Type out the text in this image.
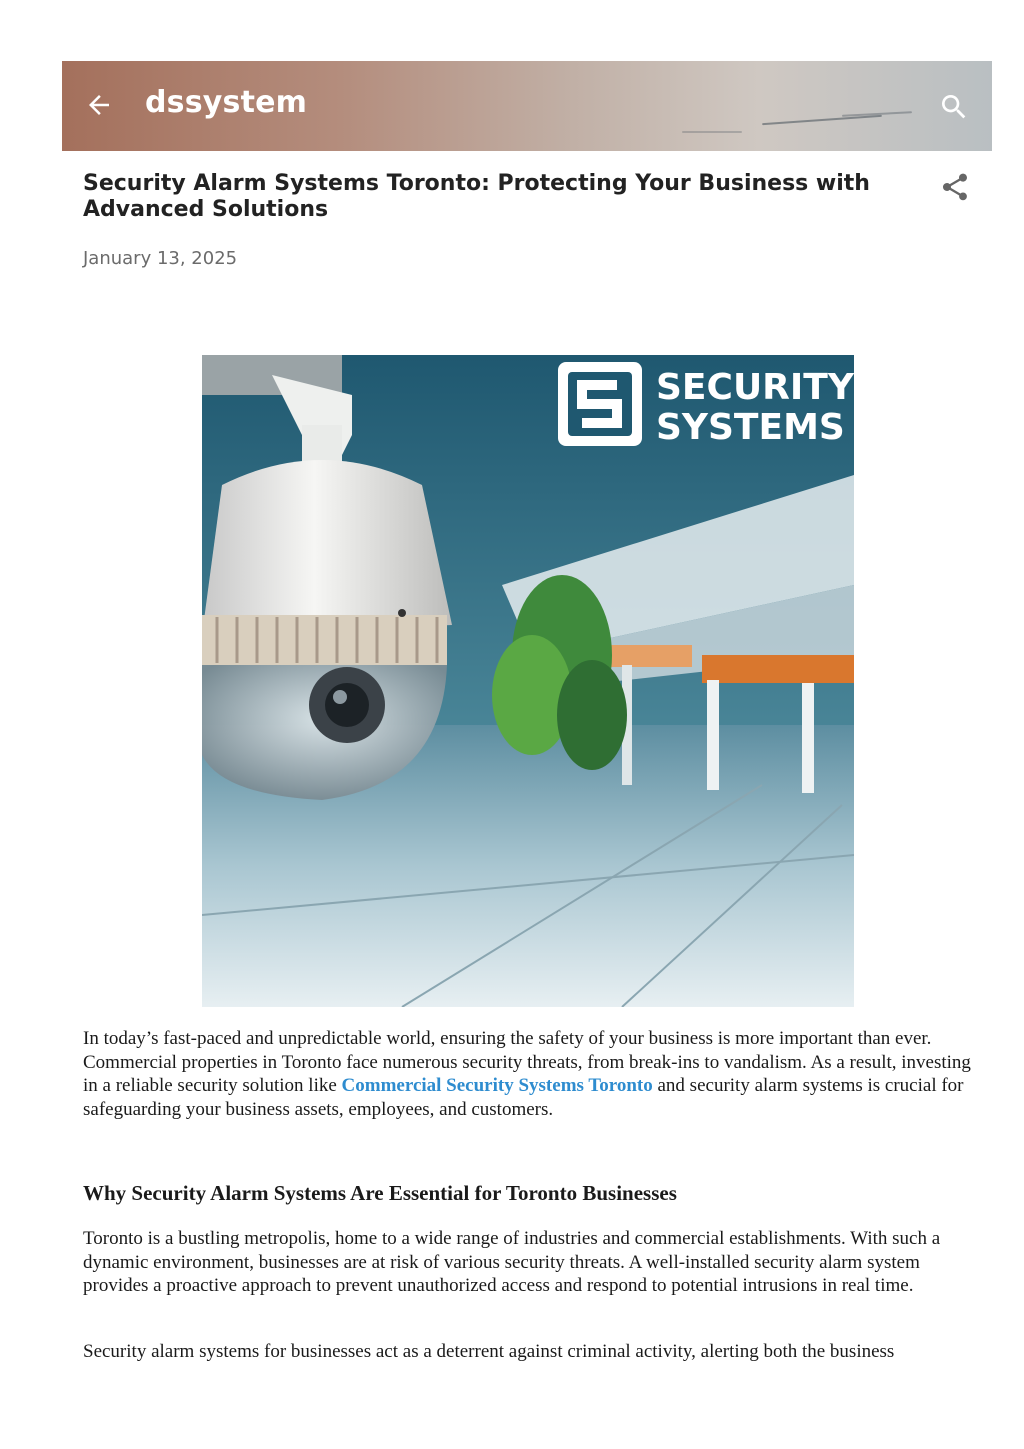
dssystem
Security Alarm Systems Toronto: Protecting Your Business with Advanced Solutions
January 13, 2025
SECURITY
SYSTEMS

In today’s fast-paced and unpredictable world, ensuring the safety of your business is more important than ever. Commercial properties in Toronto face numerous security threats, from break-ins to vandalism. As a result, investing in a reliable security solution like Commercial Security Systems Toronto and security alarm systems is crucial for safeguarding your business assets, employees, and customers.

Why Security Alarm Systems Are Essential for Toronto Businesses

Toronto is a bustling metropolis, home to a wide range of industries and commercial establishments. With such a dynamic environment, businesses are at risk of various security threats. A well-installed security alarm system provides a proactive approach to prevent unauthorized access and respond to potential intrusions in real time.

Security alarm systems for businesses act as a deterrent against criminal activity, alerting both the business
